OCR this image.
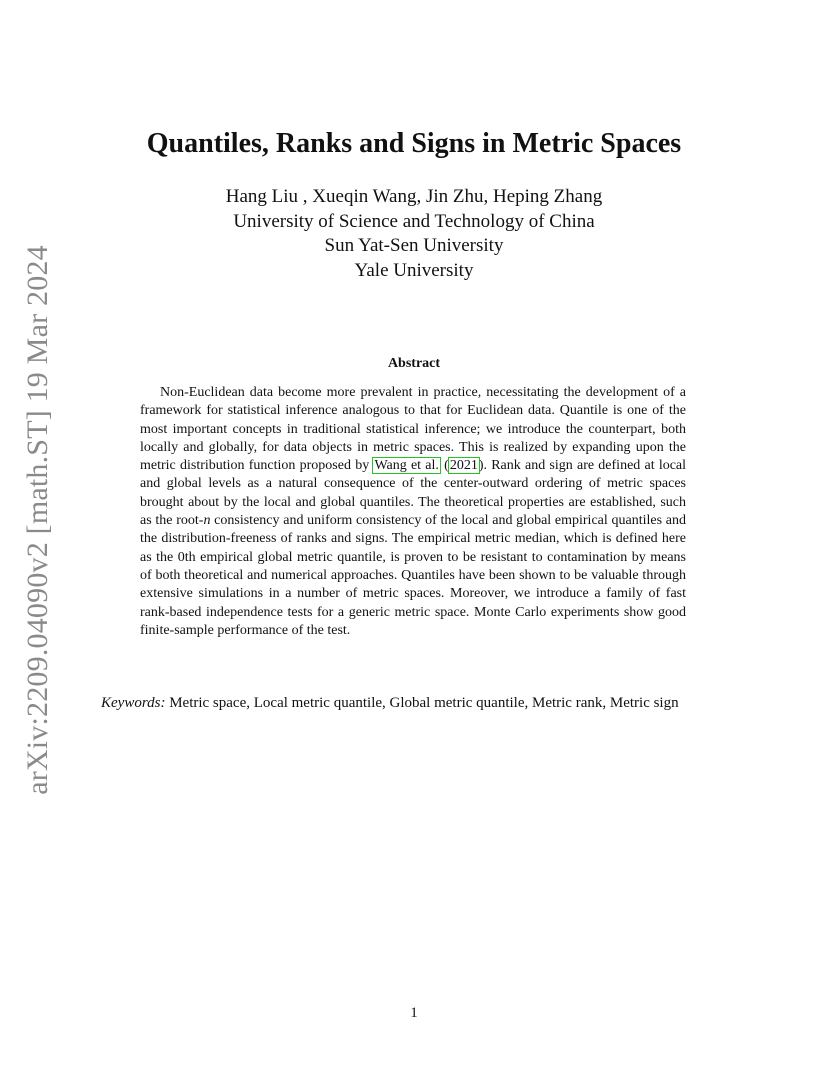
arXiv:2209.04090v2 [math.ST] 19 Mar 2024
Quantiles, Ranks and Signs in Metric Spaces
Hang Liu , Xueqin Wang, Jin Zhu, Heping Zhang
University of Science and Technology of China
Sun Yat-Sen University
Yale University
Abstract

Non-Euclidean data become more prevalent in practice, necessitating the development of a framework for statistical inference analogous to that for Euclidean data. Quantile is one of the most important concepts in traditional statistical inference; we introduce the counterpart, both locally and globally, for data objects in metric spaces. This is realized by expanding upon the metric distribution function proposed by Wang et al. (2021). Rank and sign are defined at local and global levels as a natural consequence of the center-outward ordering of metric spaces brought about by the local and global quantiles. The theoretical properties are established, such as the root-n consistency and uniform consistency of the local and global empirical quantiles and the distribution-freeness of ranks and signs. The empirical metric median, which is defined here as the 0th empirical global metric quantile, is proven to be resistant to contamination by means of both theoretical and numerical approaches. Quantiles have been shown to be valuable through extensive simulations in a number of metric spaces. Moreover, we introduce a family of fast rank-based independence tests for a generic metric space. Monte Carlo experiments show good finite-sample performance of the test.

Keywords: Metric space, Local metric quantile, Global metric quantile, Metric rank, Metric sign

1
